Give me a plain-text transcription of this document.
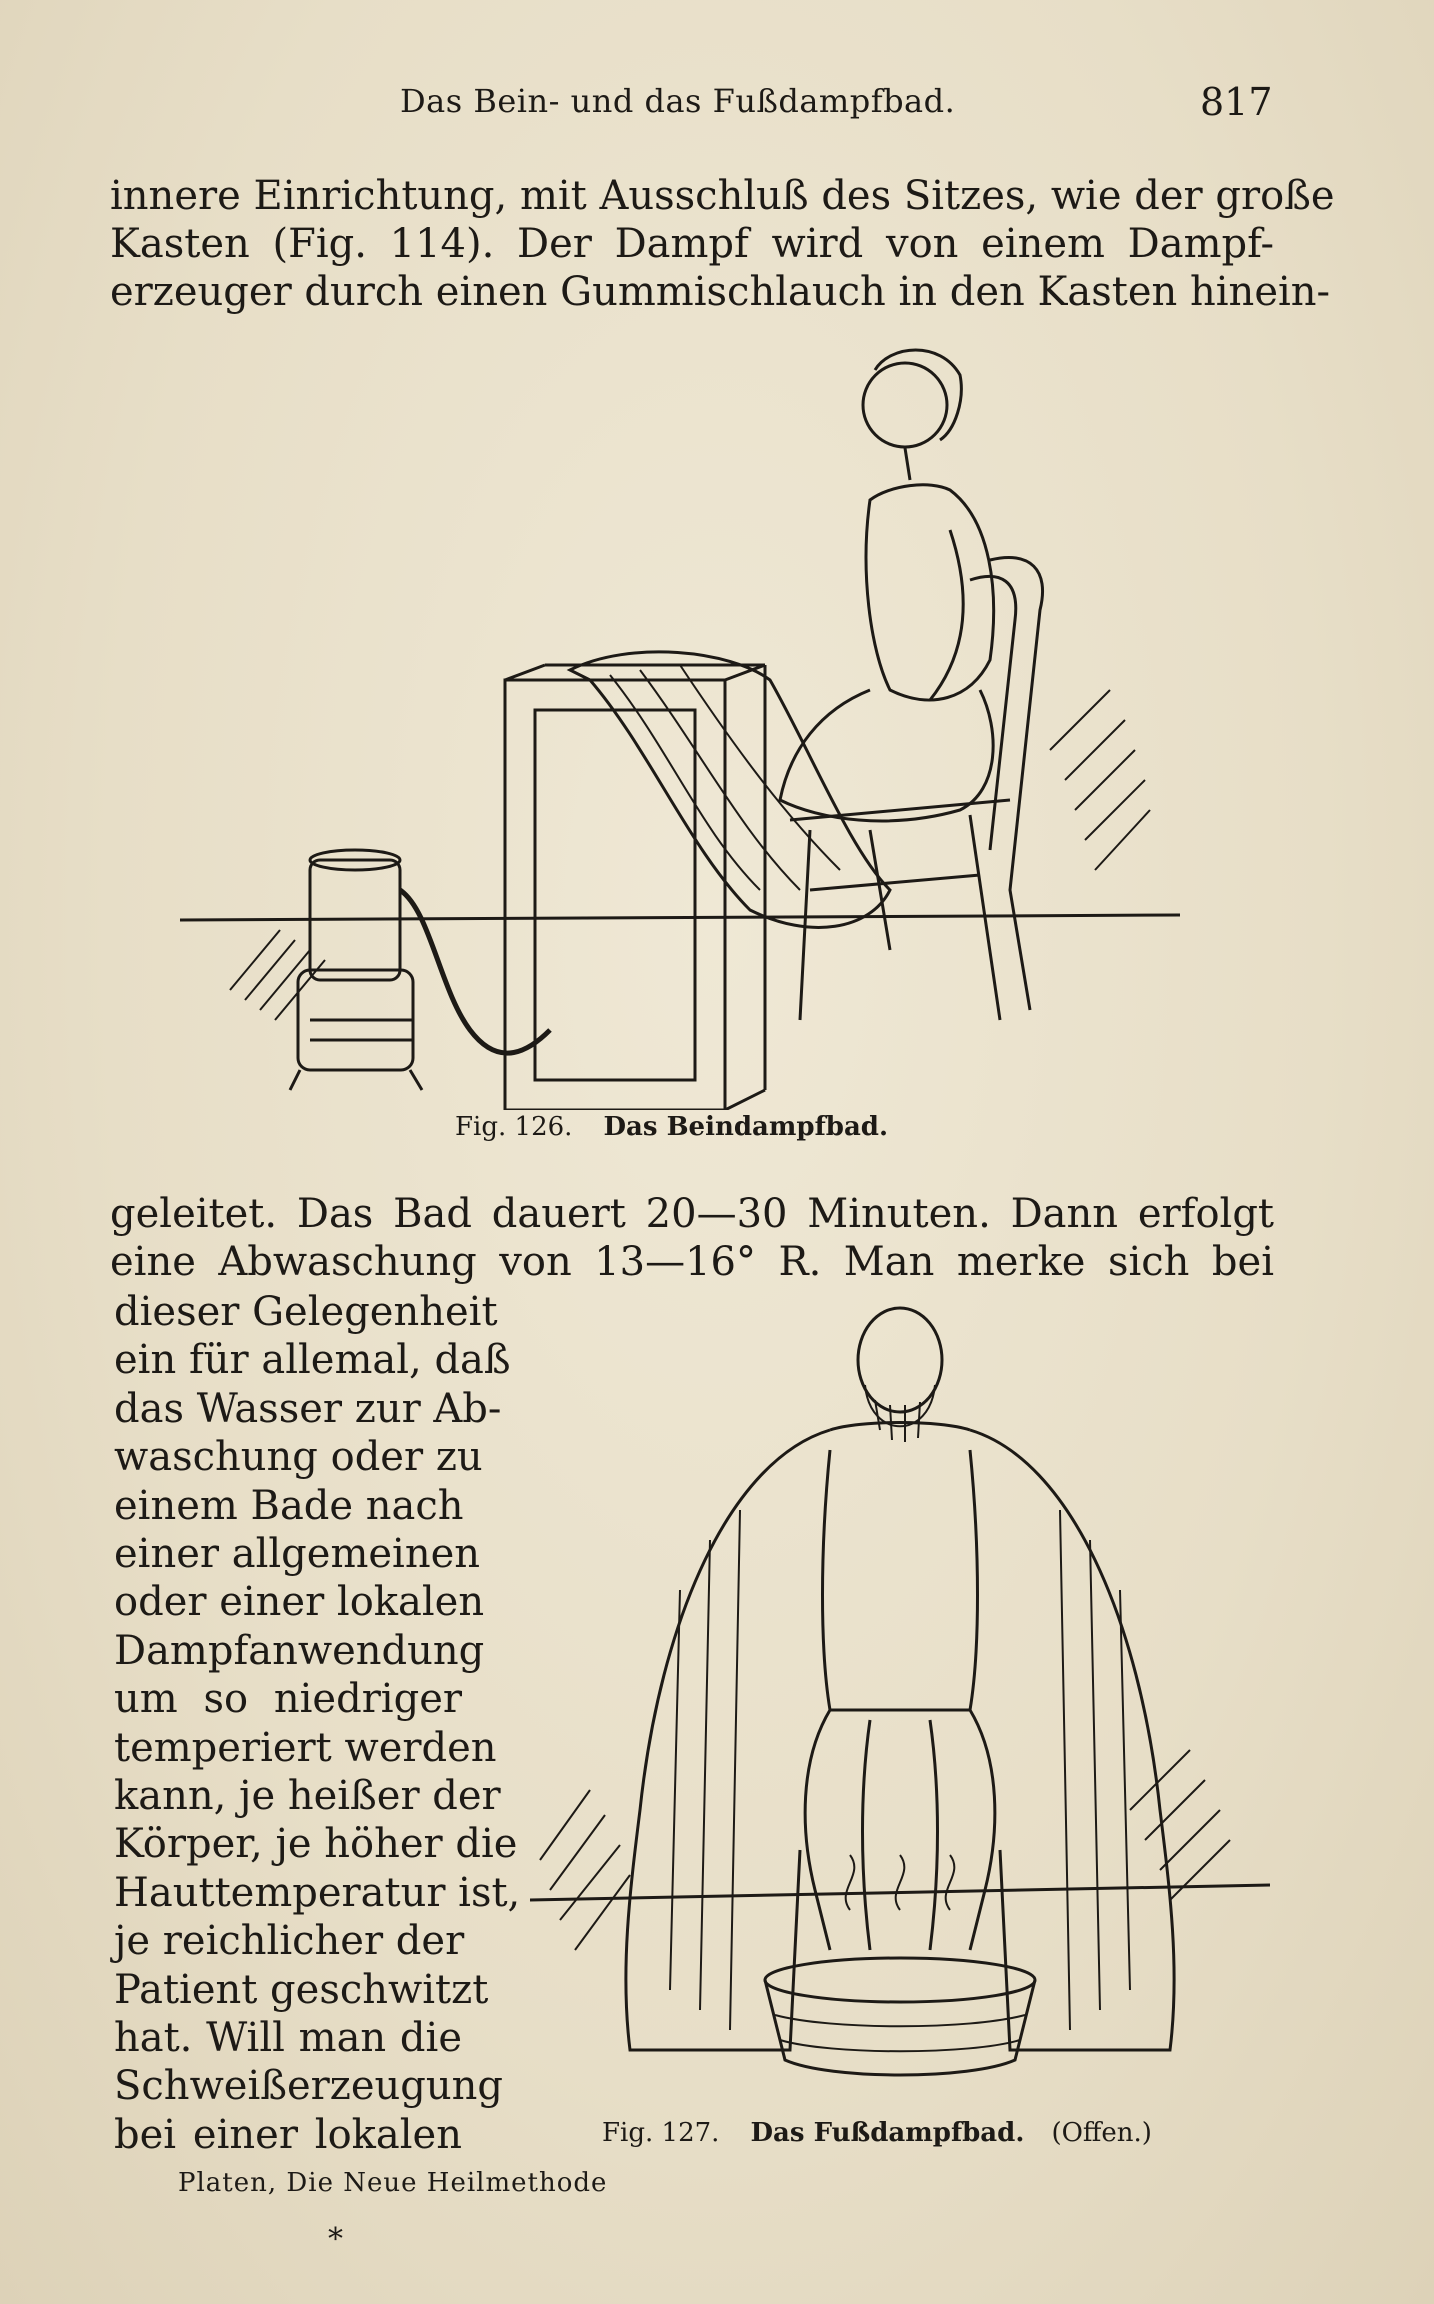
Das Bein- und das Fußdampfbad.	817
innere Einrichtung, mit Ausschluß des Sitzes, wie der große
Kasten (Fig. 114). Der Dampf wird von einem Dampf-
erzeuger durch einen Gummischlauch in den Kasten hinein-
Fig. 126. Das Beindampfbad.
geleitet. Das Bad dauert 20—30 Minuten. Dann erfolgt
eine Abwaschung von 13—16° R. Man merke sich bei
dieser Gelegenheit
ein für allemal, daß
das Wasser zur Ab-
waschung oder zu
einem Bade nach
einer allgemeinen
oder einer lokalen
Dampfanwendung
um so niedriger
temperiert werden
kann, je heißer der
Körper, je höher die
Hauttemperatur ist,
je reichlicher der
Patient geschwitzt
hat. Will man die
Schweißerzeugung
bei einer lokalen	Fig. 127. Das Fußdampfbad. (Offen.)
Platen, Die Neue Heilmethode
*
